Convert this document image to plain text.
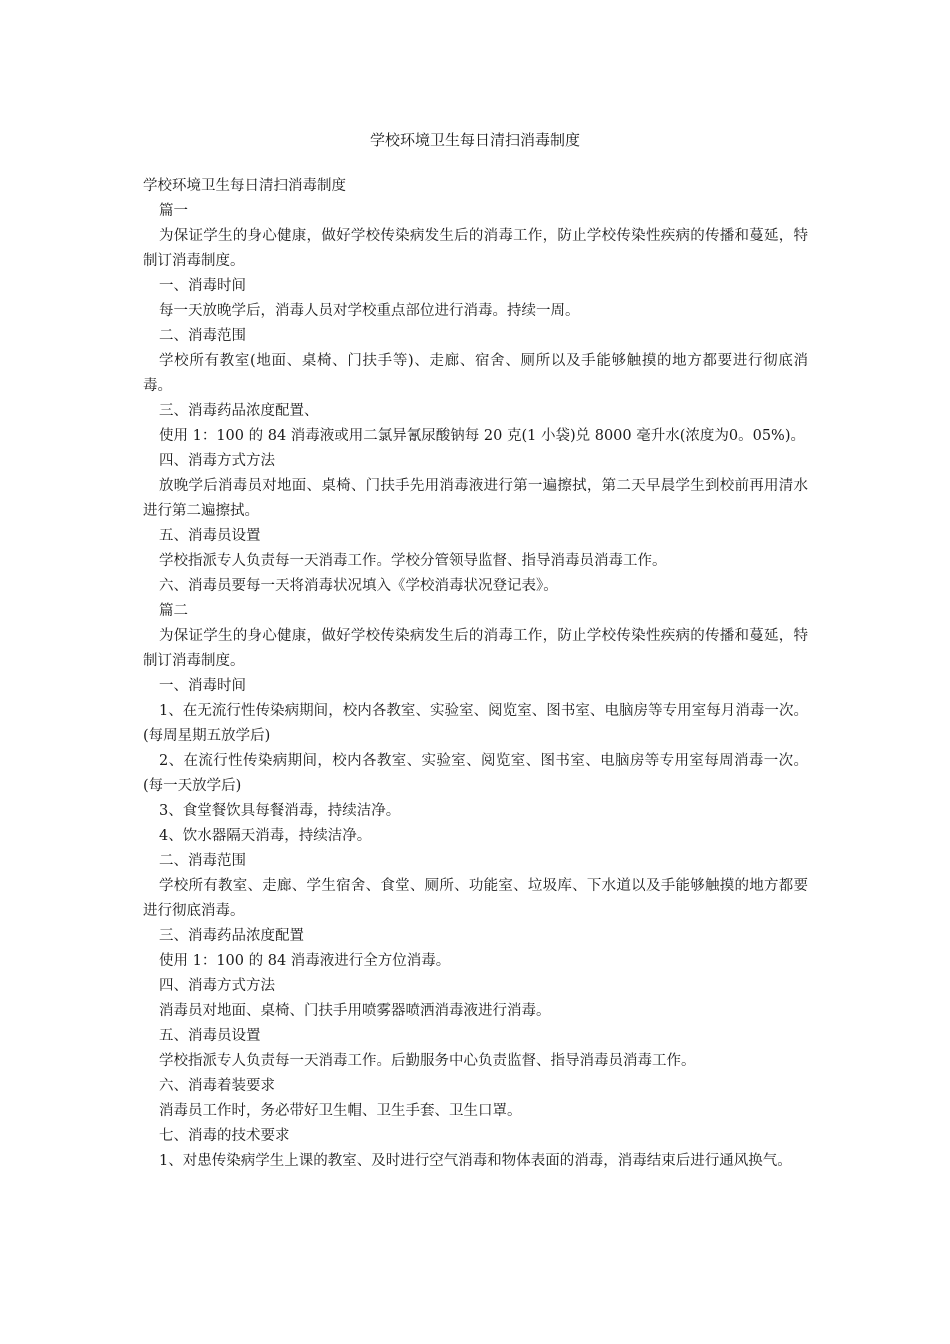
学校环境卫生每日清扫消毒制度

学校环境卫生每日清扫消毒制度

篇一

为保证学生的身心健康，做好学校传染病发生后的消毒工作，防止学校传染性疾病的传播和蔓延，特制订消毒制度。

一、消毒时间

每一天放晚学后，消毒人员对学校重点部位进行消毒。持续一周。

二、消毒范围

学校所有教室(地面、桌椅、门扶手等)、走廊、宿舍、厕所以及手能够触摸的地方都要进行彻底消毒。

三、消毒药品浓度配置、

使用 1：100 的 84 消毒液或用二氯异氰尿酸钠每 20 克(1 小袋)兑 8000 毫升水(浓度为0。05%)。

四、消毒方式方法

放晚学后消毒员对地面、桌椅、门扶手先用消毒液进行第一遍擦拭，第二天早晨学生到校前再用清水进行第二遍擦拭。

五、消毒员设置

学校指派专人负责每一天消毒工作。学校分管领导监督、指导消毒员消毒工作。

六、消毒员要每一天将消毒状况填入《学校消毒状况登记表》。

篇二

为保证学生的身心健康，做好学校传染病发生后的消毒工作，防止学校传染性疾病的传播和蔓延，特制订消毒制度。

一、消毒时间

1、在无流行性传染病期间，校内各教室、实验室、阅览室、图书室、电脑房等专用室每月消毒一次。(每周星期五放学后)

2、在流行性传染病期间，校内各教室、实验室、阅览室、图书室、电脑房等专用室每周消毒一次。(每一天放学后)

3、食堂餐饮具每餐消毒，持续洁净。

4、饮水器隔天消毒，持续洁净。

二、消毒范围

学校所有教室、走廊、学生宿舍、食堂、厕所、功能室、垃圾库、下水道以及手能够触摸的地方都要进行彻底消毒。

三、消毒药品浓度配置

使用 1：100 的 84 消毒液进行全方位消毒。

四、消毒方式方法

消毒员对地面、桌椅、门扶手用喷雾器喷洒消毒液进行消毒。

五、消毒员设置

学校指派专人负责每一天消毒工作。后勤服务中心负责监督、指导消毒员消毒工作。

六、消毒着装要求

消毒员工作时，务必带好卫生帽、卫生手套、卫生口罩。

七、消毒的技术要求

1、对患传染病学生上课的教室、及时进行空气消毒和物体表面的消毒，消毒结束后进行通风换气。
